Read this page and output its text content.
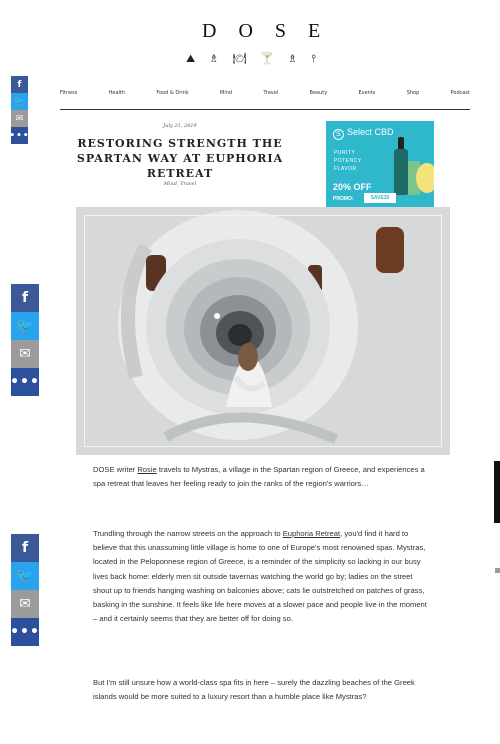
DOSE
⛰ ♗ 🍽 🍸 ♗ ⫯
Fitness	Health	Food & Drink	Mind	Travel	Beauty	Events	Shop	Podcast
July 21, 2019
RESTORING STRENGTH THE SPARTAN WAY AT EUPHORIA RETREAT
Mind, Travel
S Select CBD
PURITY
POTENCY
FLAVOR
20% OFF
PROMO:	SAVE20
f
🐦
✉
•••
f
🐦
✉
•••
f
🐦
✉
•••

DOSE writer Rosie travels to Mystras, a village in the Spartan region of Greece, and experiences a spa retreat that leaves her feeling ready to join the ranks of the region's warriors…

Trundling through the narrow streets on the approach to Euphoria Retreat, you'd find it hard to believe that this unassuming little village is home to one of Europe's most renowned spas. Mystras, located in the Peloponnese region of Greece, is a reminder of the simplicity so lacking in our busy lives back home: elderly men sit outside tavernas watching the world go by; ladies on the street shout up to friends hanging washing on balconies above; cats lie outstretched on patches of grass, basking in the sunshine. It feels like life here moves at a slower pace and people live in the moment – and it certainly seems that they are better off for doing so.

But I'm still unsure how a world-class spa fits in here – surely the dazzling beaches of the Greek islands would be more suited to a luxury resort than a humble place like Mystras?
